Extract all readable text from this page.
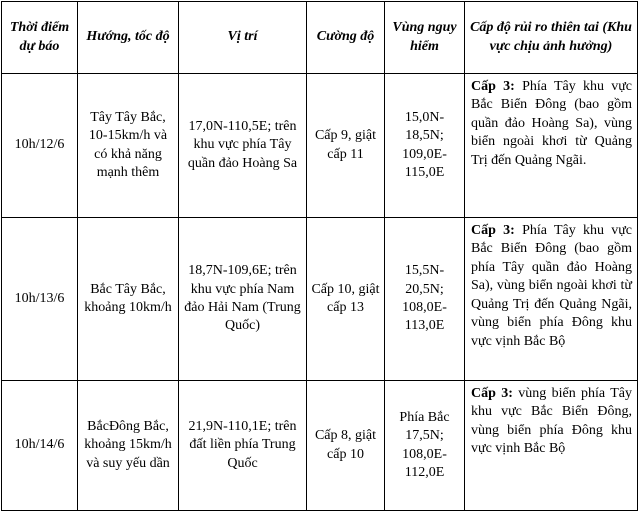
Thời điểm dự báo	Hướng, tốc độ	Vị trí	Cường độ	Vùng nguy hiểm	Cấp độ rủi ro thiên tai (Khu vực chịu ảnh hưởng)
10h/12/6	Tây Tây Bắc, 10-15km/h và có khả năng mạnh thêm	17,0N-110,5E; trên khu vực phía Tây quần đảo Hoàng Sa	Cấp 9, giật cấp 11	15,0N-18,5N; 109,0E-115,0E	Cấp 3: Phía Tây khu vực Bắc Biển Đông (bao gồm quần đảo Hoàng Sa), vùng biển ngoài khơi từ Quảng Trị đến Quảng Ngãi.
10h/13/6	Bắc Tây Bắc, khoảng 10km/h	18,7N-109,6E; trên khu vực phía Nam đảo Hải Nam (Trung Quốc)	Cấp 10, giật cấp 13	15,5N-20,5N; 108,0E-113,0E	Cấp 3: Phía Tây khu vực Bắc Biển Đông (bao gồm phía Tây quần đảo Hoàng Sa), vùng biển ngoài khơi từ Quảng Trị đến Quảng Ngãi, vùng biển phía Đông khu vực vịnh Bắc Bộ
10h/14/6	BắcĐông Bắc, khoảng 15km/h và suy yếu dần	21,9N-110,1E; trên đất liền phía Trung Quốc	Cấp 8, giật cấp 10	Phía Bắc 17,5N; 108,0E-112,0E	Cấp 3: vùng biển phía Tây khu vực Bắc Biển Đông, vùng biển phía Đông khu vực vịnh Bắc Bộ
